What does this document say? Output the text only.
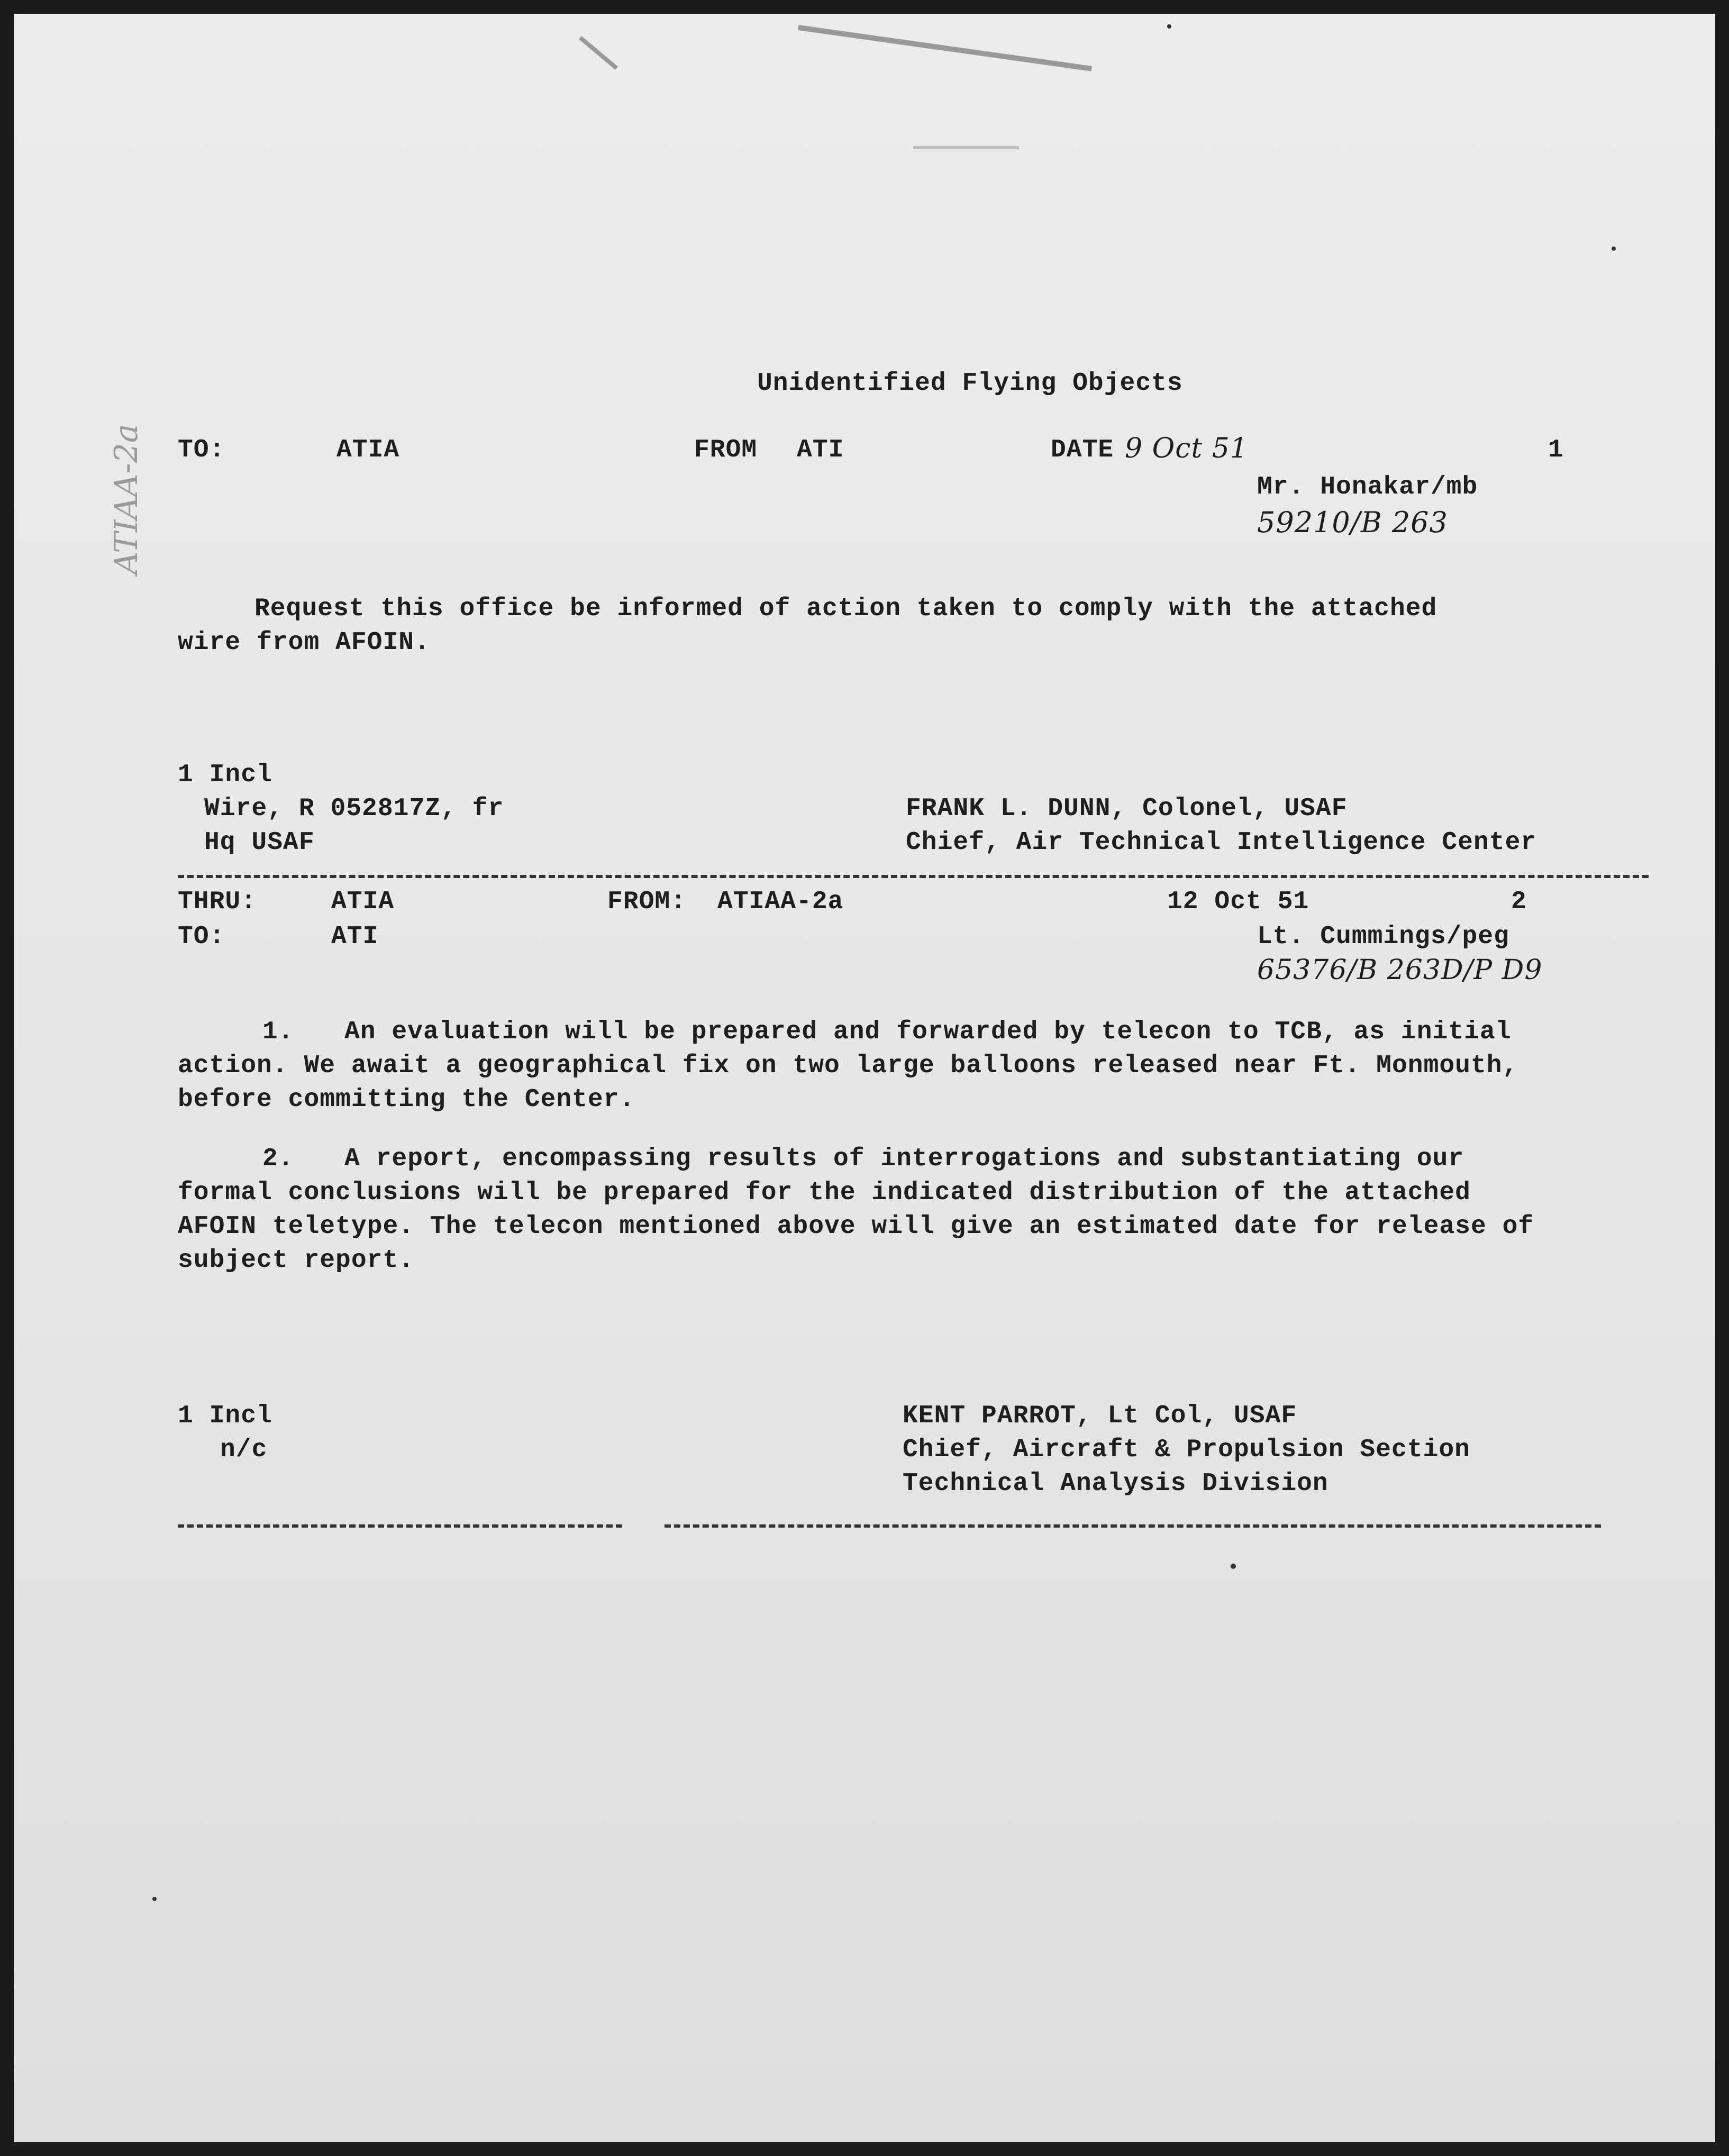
ATIAA-2a
Unidentified Flying Objects
TO:	ATIA	FROM ATI	DATE 9 Oct 51	1
Mr. Honakar/mb
59210/B 263
Request this office be informed of action taken to comply with the attached
wire from AFOIN.
1 Incl
Wire, R 052817Z, fr
Hq USAF
FRANK L. DUNN, Colonel, USAF
Chief, Air Technical Intelligence Center
THRU:	ATIA	FROM: ATIAA-2a	12 Oct 51	2
TO:	ATI	Lt. Cummings/peg
65376/B 263D/P D9
1. An evaluation will be prepared and forwarded by telecon to TCB, as initial
action. We await a geographical fix on two large balloons released near Ft. Monmouth,
before committing the Center.
2. A report, encompassing results of interrogations and substantiating our
formal conclusions will be prepared for the indicated distribution of the attached
AFOIN teletype. The telecon mentioned above will give an estimated date for release of
subject report.
1 Incl
n/c
KENT PARROT, Lt Col, USAF
Chief, Aircraft & Propulsion Section
Technical Analysis Division
